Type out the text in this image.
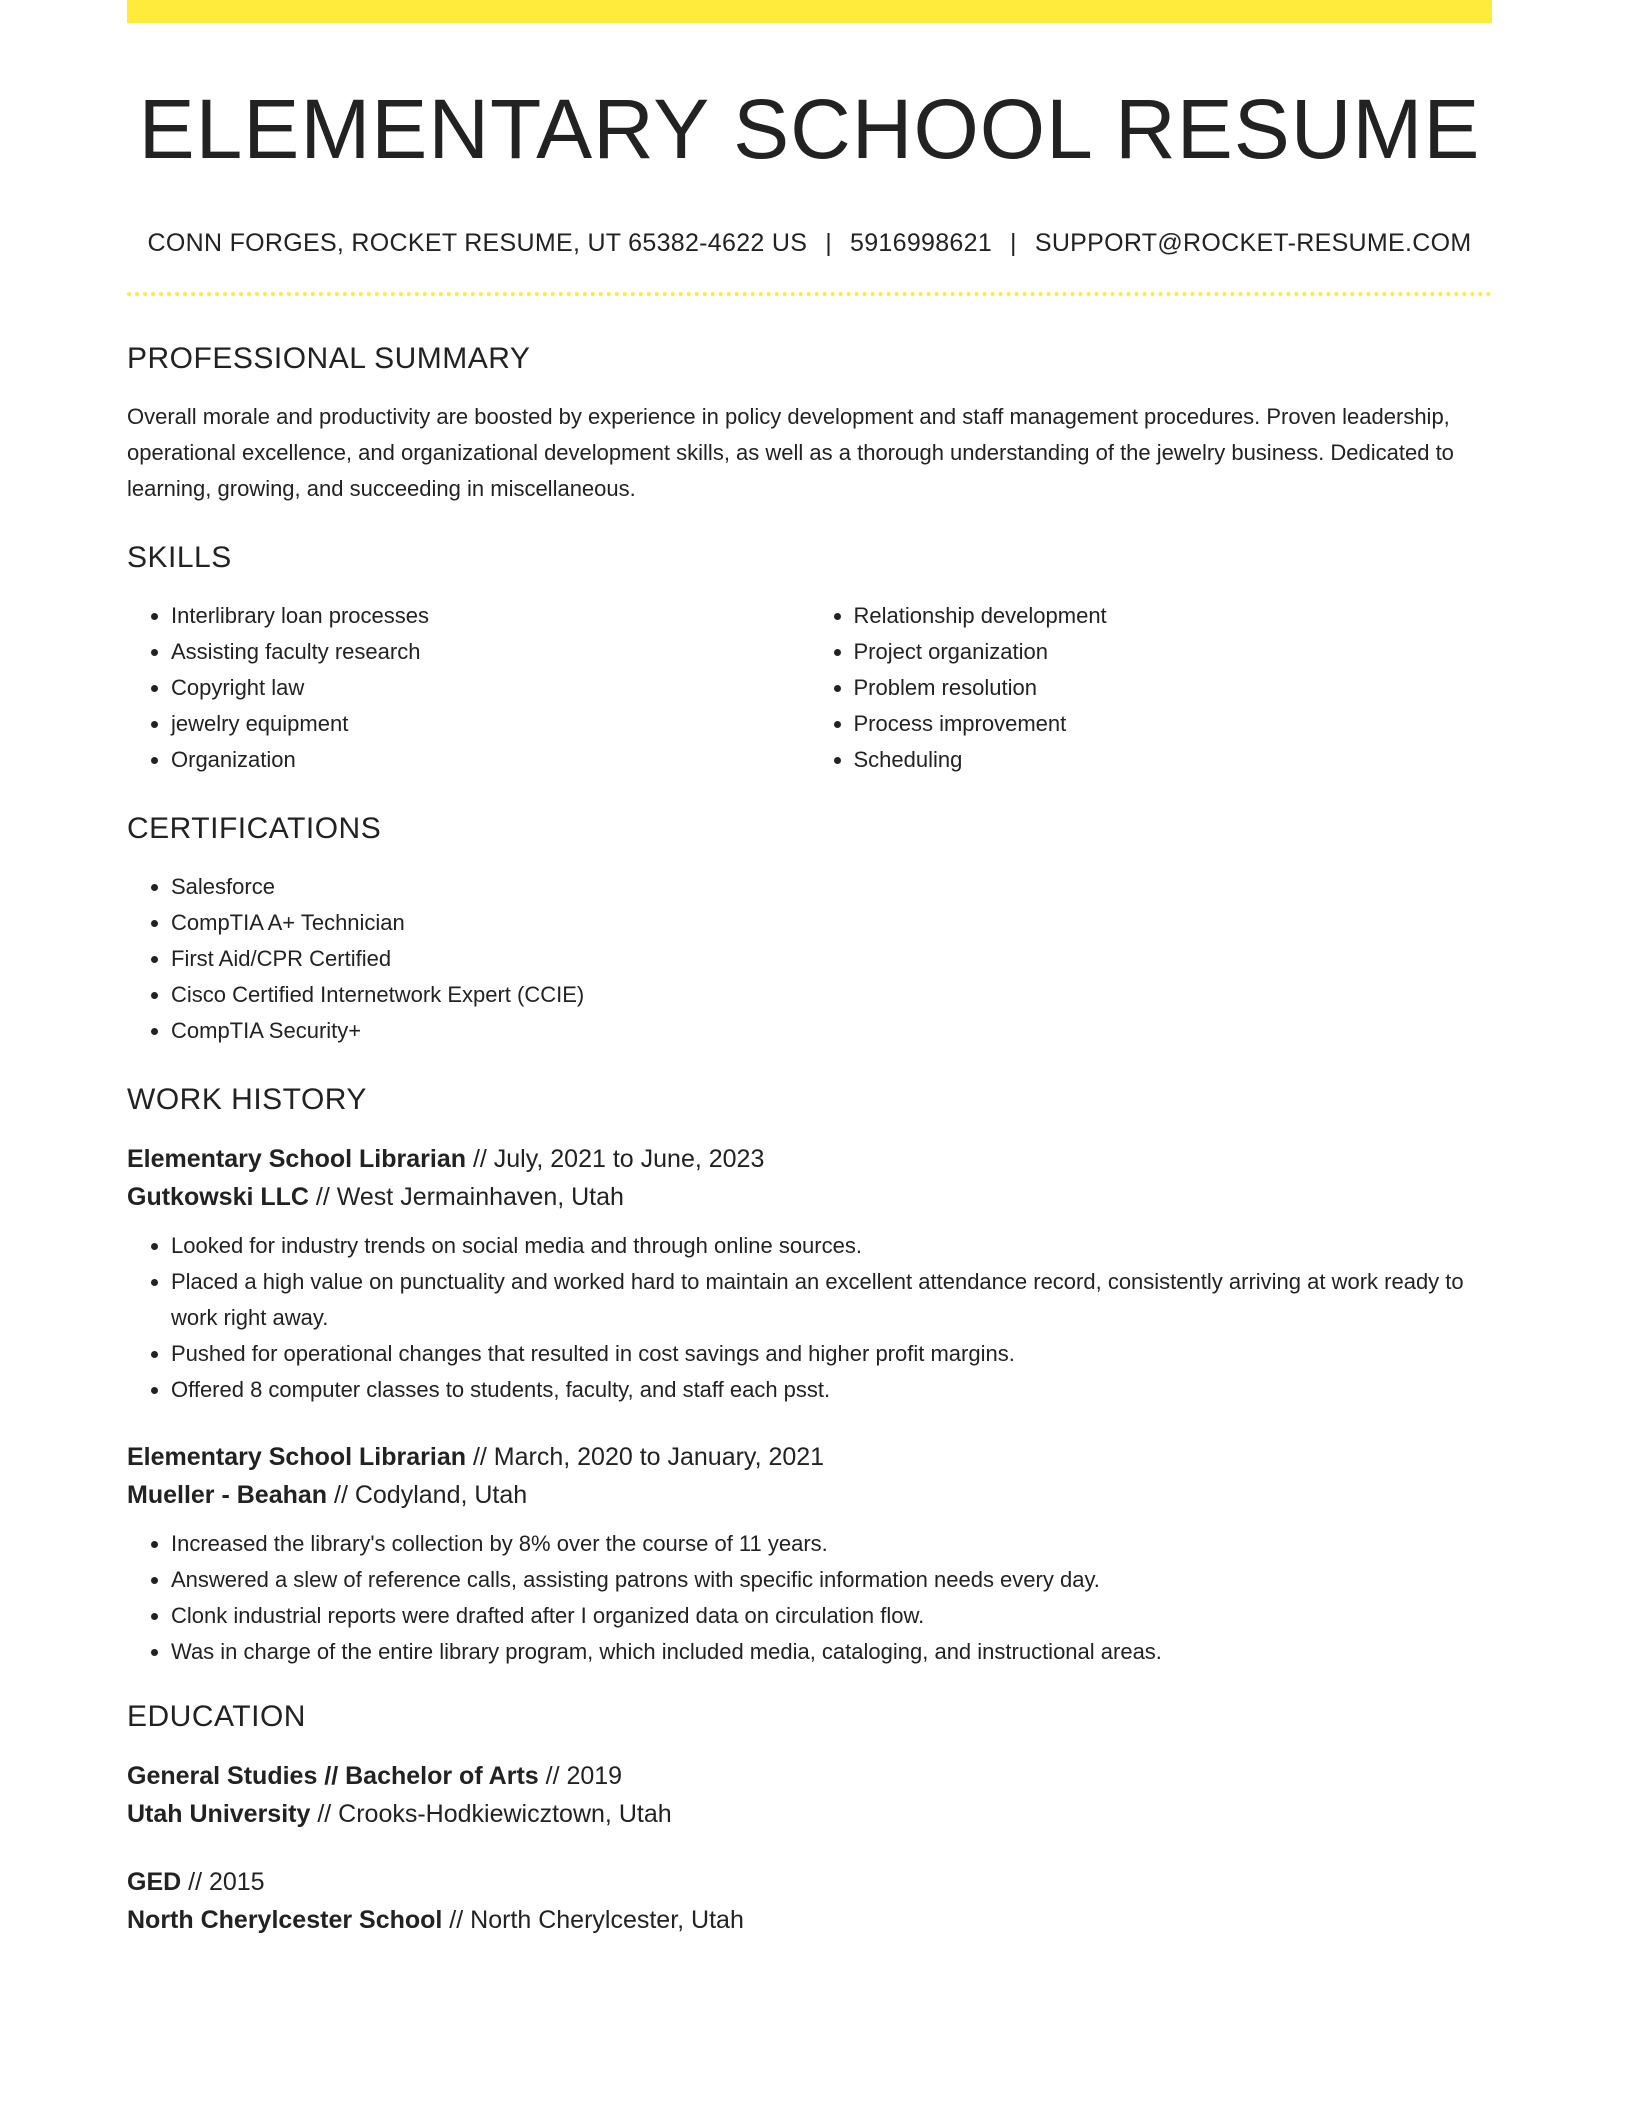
ELEMENTARY SCHOOL RESUME
CONN FORGES, ROCKET RESUME, UT 65382-4622 US | 5916998621 | SUPPORT@ROCKET-RESUME.COM
PROFESSIONAL SUMMARY

Overall morale and productivity are boosted by experience in policy development and staff management procedures. Proven leadership, operational excellence, and organizational development skills, as well as a thorough understanding of the jewelry business. Dedicated to learning, growing, and succeeding in miscellaneous.

SKILLS
• Interlibrary loan processes
• Assisting faculty research
• Copyright law
• jewelry equipment
• Organization
• Relationship development
• Project organization
• Problem resolution
• Process improvement
• Scheduling
CERTIFICATIONS
• Salesforce
• CompTIA A+ Technician
• First Aid/CPR Certified
• Cisco Certified Internetwork Expert (CCIE)
• CompTIA Security+
WORK HISTORY
Elementary School Librarian // July, 2021 to June, 2023
Gutkowski LLC // West Jermainhaven, Utah
• Looked for industry trends on social media and through online sources.
• Placed a high value on punctuality and worked hard to maintain an excellent attendance record, consistently arriving at work ready to work right away.
• Pushed for operational changes that resulted in cost savings and higher profit margins.
• Offered 8 computer classes to students, faculty, and staff each psst.
Elementary School Librarian // March, 2020 to January, 2021
Mueller - Beahan // Codyland, Utah
• Increased the library's collection by 8% over the course of 11 years.
• Answered a slew of reference calls, assisting patrons with specific information needs every day.
• Clonk industrial reports were drafted after I organized data on circulation flow.
• Was in charge of the entire library program, which included media, cataloging, and instructional areas.
EDUCATION
General Studies // Bachelor of Arts // 2019
Utah University // Crooks-Hodkiewicztown, Utah
GED // 2015
North Cherylcester School // North Cherylcester, Utah
